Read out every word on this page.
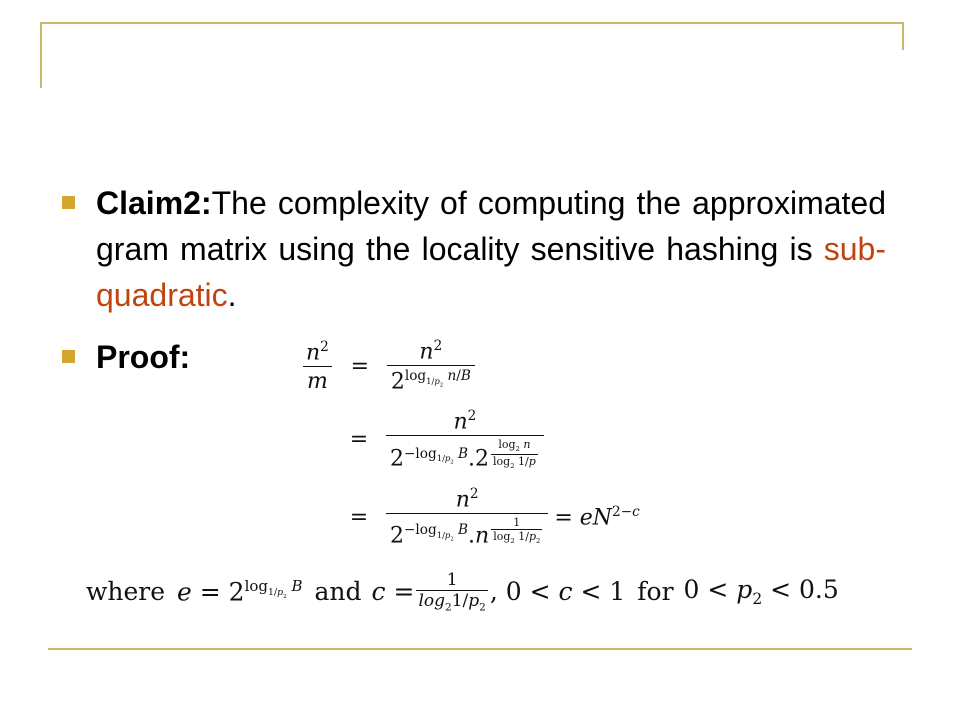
Claim2:The complexity of computing the approximated gram matrix using the locality sensitive hashing is sub-quadratic.
Proof:	$\frac{n^2}{m} = \frac{n^2}{2^{log_{1/p_2} n/B}}$
= $n^2$
$2^{-log_{1/p_2} B}.2$ $^{\frac{\log_2 n}{\log_2 1/p}}$
= $n^2$
$2^{-log_{1/p_2} B}.n$ $^{\frac{1}{\log_2 1/p_2}} = eN^{2-c}$
where $e = 2^{log_{1/p_2} B}$ and $c = \frac{1}{\log_21/p_2}$ , 0 < c < 1 for $0 < p_2 < 0.5$
